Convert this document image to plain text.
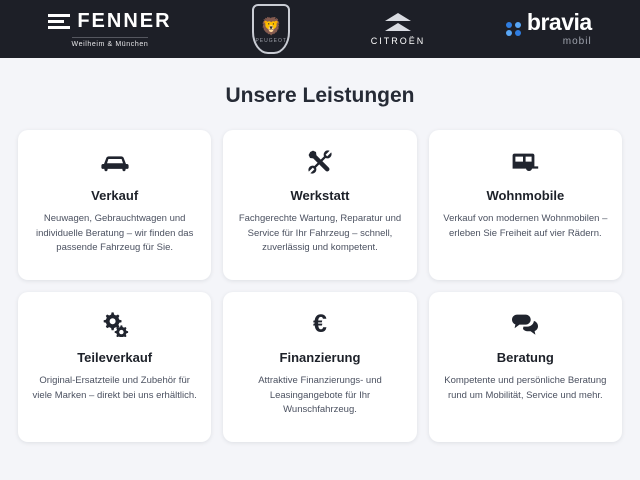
FENNER
Weilheim & München
🦁
PEUGEOT	CITROËN
bravia
mobil
Unsere Leistungen
Verkauf

Neuwagen, Gebrauchtwagen und individuelle Beratung – wir finden das passende Fahrzeug für Sie.

Werkstatt

Fachgerechte Wartung, Reparatur und Service für Ihr Fahrzeug – schnell, zuverlässig und kompetent.

Wohnmobile

Verkauf von modernen Wohnmobilen – erleben Sie Freiheit auf vier Rädern.

Teileverkauf

Original-Ersatzteile und Zubehör für viele Marken – direkt bei uns erhältlich.

€
Finanzierung

Attraktive Finanzierungs- und Leasingangebote für Ihr Wunschfahrzeug.

Beratung

Kompetente und persönliche Beratung rund um Mobilität, Service und mehr.
